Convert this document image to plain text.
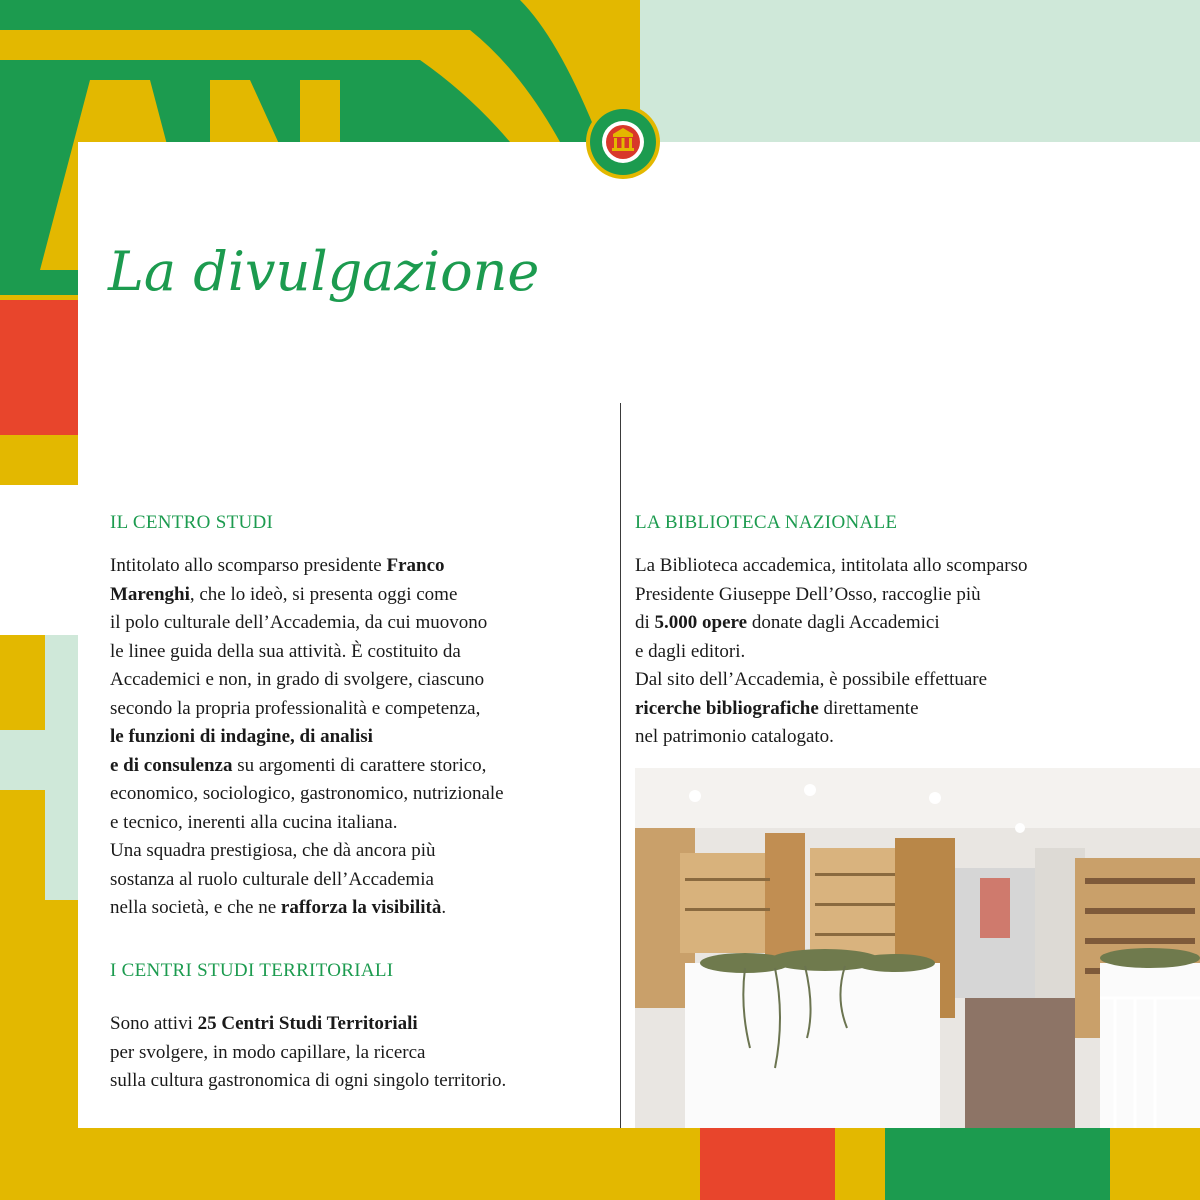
La divulgazione
IL CENTRO STUDI

Intitolato allo scomparso presidente Franco
Marenghi, che lo ideò, si presenta oggi come
il polo culturale dell’Accademia, da cui muovono
le linee guida della sua attività. È costituito da
Accademici e non, in grado di svolgere, ciascuno
secondo la propria professionalità e competenza,
le funzioni di indagine, di analisi
e di consulenza su argomenti di carattere storico,
economico, sociologico, gastronomico, nutrizionale
e tecnico, inerenti alla cucina italiana.
Una squadra prestigiosa, che dà ancora più
sostanza al ruolo culturale dell’Accademia
nella società, e che ne rafforza la visibilità.

I CENTRI STUDI TERRITORIALI

Sono attivi 25 Centri Studi Territoriali
per svolgere, in modo capillare, la ricerca
sulla cultura gastronomica di ogni singolo territorio.

LA BIBLIOTECA NAZIONALE

La Biblioteca accademica, intitolata allo scomparso
Presidente Giuseppe Dell’Osso, raccoglie più
di 5.000 opere donate dagli Accademici
e dagli editori.
Dal sito dell’Accademia, è possibile effettuare
ricerche bibliografiche direttamente
nel patrimonio catalogato.
